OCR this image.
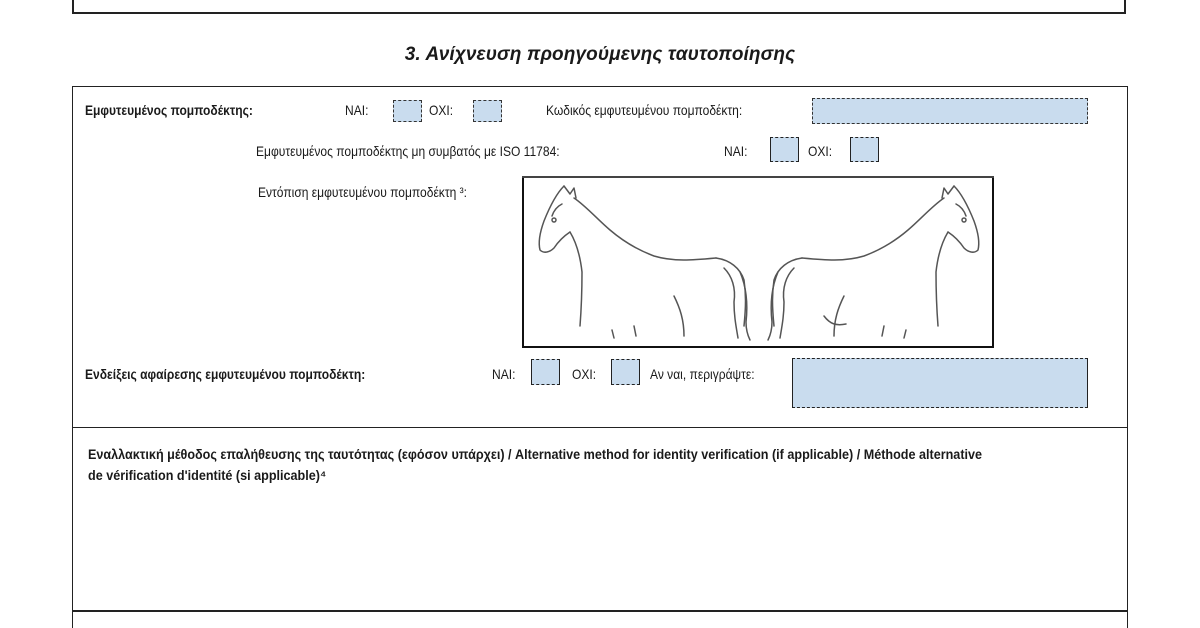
3. Ανίχνευση προηγούμενης ταυτοποίησης
Εμφυτευμένος πομποδέκτης:	ΝΑΙ:	ΟΧΙ:	Κωδικός εμφυτευμένου πομποδέκτη:
Εμφυτευμένος πομποδέκτης μη συμβατός με ISO 11784:	ΝΑΙ:	ΟΧΙ:
Εντόπιση εμφυτευμένου πομποδέκτη ³:
Ενδείξεις αφαίρεσης εμφυτευμένου πομποδέκτη:	ΝΑΙ:	ΟΧΙ:	Αν ναι, περιγράψτε:
Εναλλακτική μέθοδος επαλήθευσης της ταυτότητας (εφόσον υπάρχει) / Alternative method for identity verification (if applicable) / Méthode alternative de vérification d'identité (si applicable)⁴
